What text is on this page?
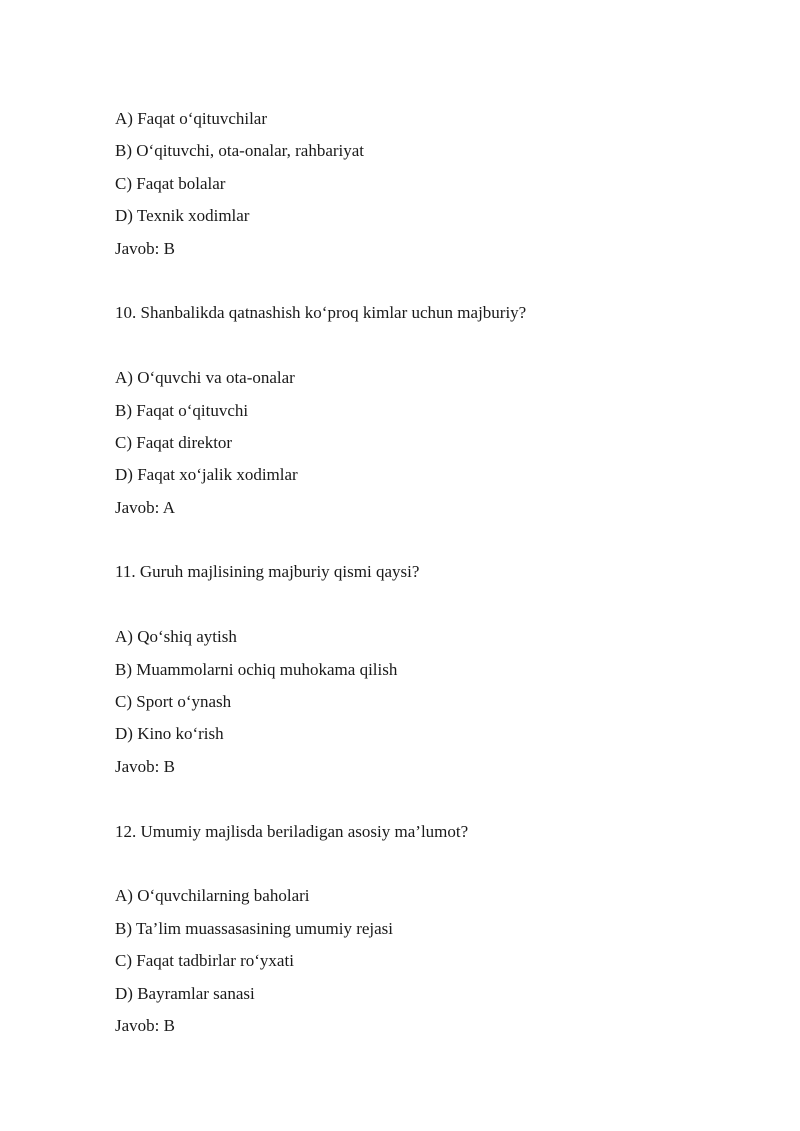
A) Faqat o‘qituvchilar
B) O‘qituvchi, ota-onalar, rahbariyat
C) Faqat bolalar
D) Texnik xodimlar
Javob: B
10. Shanbalikda qatnashish ko‘proq kimlar uchun majburiy?
A) O‘quvchi va ota-onalar
B) Faqat o‘qituvchi
C) Faqat direktor
D) Faqat xo‘jalik xodimlar
Javob: A
11. Guruh majlisining majburiy qismi qaysi?
A) Qo‘shiq aytish
B) Muammolarni ochiq muhokama qilish
C) Sport o‘ynash
D) Kino ko‘rish
Javob: B
12. Umumiy majlisda beriladigan asosiy ma’lumot?
A) O‘quvchilarning baholari
B) Ta’lim muassasasining umumiy rejasi
C) Faqat tadbirlar ro‘yxati
D) Bayramlar sanasi
Javob: B
